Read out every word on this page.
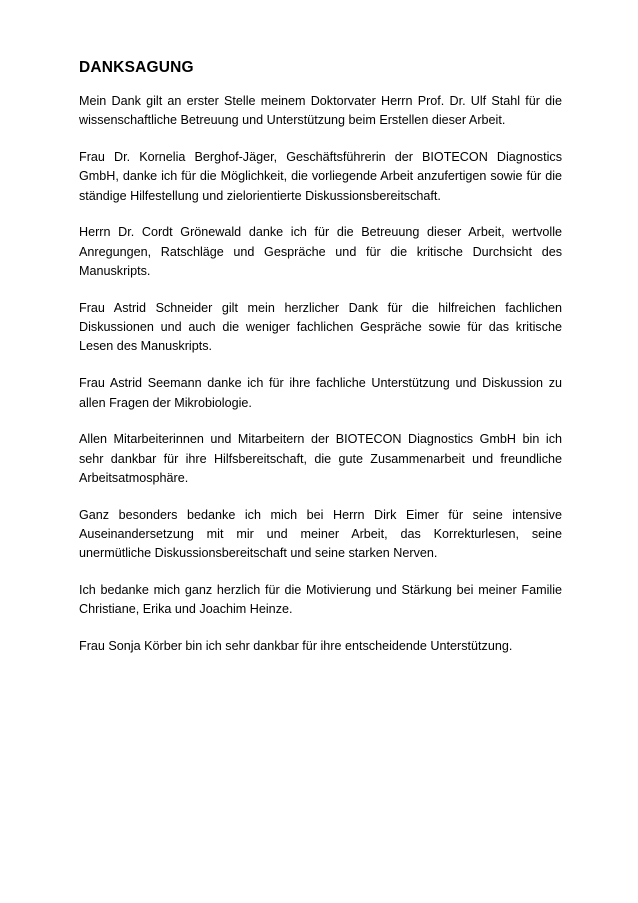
DANKSAGUNG

Mein Dank gilt an erster Stelle meinem Doktorvater Herrn Prof. Dr. Ulf Stahl für die wissenschaftliche Betreuung und Unterstützung beim Erstellen dieser Arbeit.

Frau Dr. Kornelia Berghof-Jäger, Geschäftsführerin der BIOTECON Diagnostics GmbH, danke ich für die Möglichkeit, die vorliegende Arbeit anzufertigen sowie für die ständige Hilfestellung und zielorientierte Diskussionsbereitschaft.

Herrn Dr. Cordt Grönewald danke ich für die Betreuung dieser Arbeit, wertvolle Anregungen, Ratschläge und Gespräche und für die kritische Durchsicht des Manuskripts.

Frau Astrid Schneider gilt mein herzlicher Dank für die hilfreichen fachlichen Diskussionen und auch die weniger fachlichen Gespräche sowie für das kritische Lesen des Manuskripts.

Frau Astrid Seemann danke ich für ihre fachliche Unterstützung und Diskussion zu allen Fragen der Mikrobiologie.

Allen Mitarbeiterinnen und Mitarbeitern der BIOTECON Diagnostics GmbH bin ich sehr dankbar für ihre Hilfsbereitschaft, die gute Zusammenarbeit und freundliche Arbeitsatmosphäre.

Ganz besonders bedanke ich mich bei Herrn Dirk Eimer für seine intensive Auseinandersetzung mit mir und meiner Arbeit, das Korrekturlesen, seine unermütliche Diskussionsbereitschaft und seine starken Nerven.

Ich bedanke mich ganz herzlich für die Motivierung und Stärkung bei meiner Familie Christiane, Erika und Joachim Heinze.

Frau Sonja Körber bin ich sehr dankbar für ihre entscheidende Unterstützung.
